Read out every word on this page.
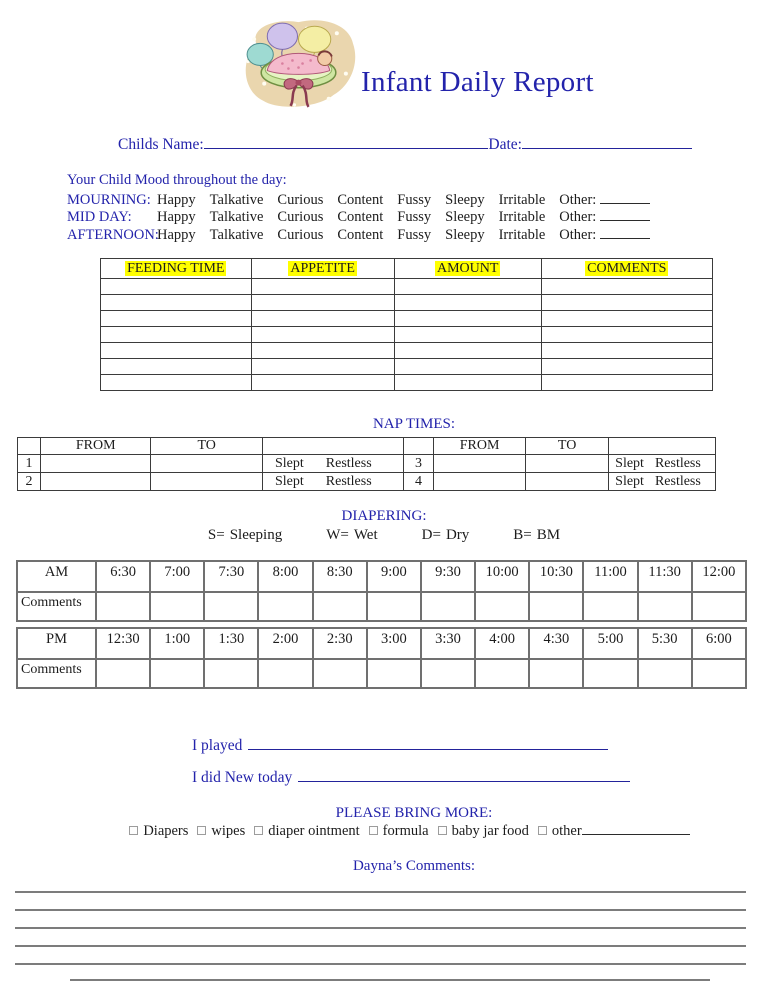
Infant Daily Report
Childs Name:	Date:
Your Child Mood throughout the day:
MOURNING: Happy Talkative Curious Content Fussy Sleepy Irritable Other:
MID DAY: Happy Talkative Curious Content Fussy Sleepy Irritable Other:
AFTERNOON:Happy Talkative Curious Content Fussy Sleepy Irritable Other:
FEEDING TIME	APPETITE	AMOUNT	COMMENTS

NAP TIMES:
	FROM	TO			FROM	TO	
1			Slept Restless	3			Slept Restless
2			Slept Restless	4			Slept Restless
DIAPERING:
S= Sleeping	W= Wet	D= Dry	B= BM
AM	6:30	7:00	7:30	8:00	8:30	9:00	9:30	10:00	10:30	11:00	11:30	12:00
Comments												
PM	12:30	1:00	1:30	2:00	2:30	3:00	3:30	4:00	4:30	5:00	5:30	6:00
Comments												
I played
I did New today
PLEASE BRING MORE:
Diapers wipes diaper ointment formula baby jar food other
Dayna’s Comments:
